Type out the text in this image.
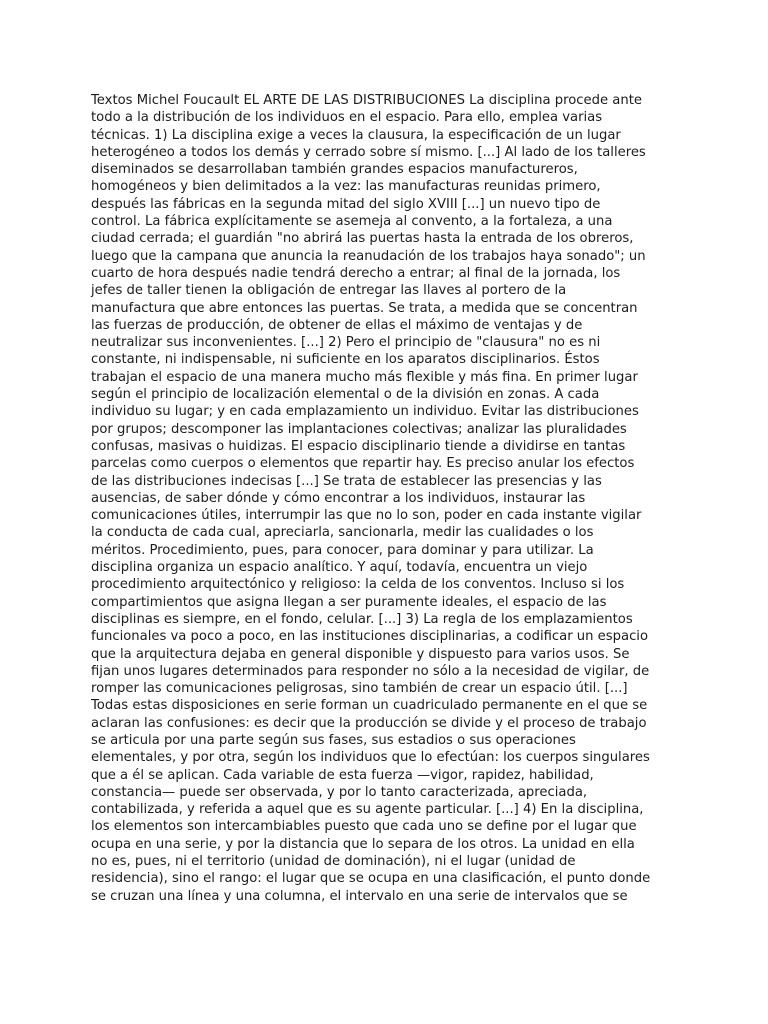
Textos Michel Foucault EL ARTE DE LAS DISTRIBUCIONES La disciplina procede ante
todo a la distribución de los individuos en el espacio. Para ello, emplea varias
técnicas. 1) La disciplina exige a veces la clausura, la especificación de un lugar
heterogéneo a todos los demás y cerrado sobre sí mismo. [...] Al lado de los talleres
diseminados se desarrollaban también grandes espacios manufactureros,
homogéneos y bien delimitados a la vez: las manufacturas reunidas primero,
después las fábricas en la segunda mitad del siglo XVIII [...] un nuevo tipo de
control. La fábrica explícitamente se asemeja al convento, a la fortaleza, a una
ciudad cerrada; el guardián "no abrirá las puertas hasta la entrada de los obreros,
luego que la campana que anuncia la reanudación de los trabajos haya sonado"; un
cuarto de hora después nadie tendrá derecho a entrar; al final de la jornada, los
jefes de taller tienen la obligación de entregar las llaves al portero de la
manufactura que abre entonces las puertas. Se trata, a medida que se concentran
las fuerzas de producción, de obtener de ellas el máximo de ventajas y de
neutralizar sus inconvenientes. [...] 2) Pero el principio de "clausura" no es ni
constante, ni indispensable, ni suficiente en los aparatos disciplinarios. Éstos
trabajan el espacio de una manera mucho más flexible y más fina. En primer lugar
según el principio de localización elemental o de la división en zonas. A cada
individuo su lugar; y en cada emplazamiento un individuo. Evitar las distribuciones
por grupos; descomponer las implantaciones colectivas; analizar las pluralidades
confusas, masivas o huidizas. El espacio disciplinario tiende a dividirse en tantas
parcelas como cuerpos o elementos que repartir hay. Es preciso anular los efectos
de las distribuciones indecisas [...] Se trata de establecer las presencias y las
ausencias, de saber dónde y cómo encontrar a los individuos, instaurar las
comunicaciones útiles, interrumpir las que no lo son, poder en cada instante vigilar
la conducta de cada cual, apreciarla, sancionarla, medir las cualidades o los
méritos. Procedimiento, pues, para conocer, para dominar y para utilizar. La
disciplina organiza un espacio analítico. Y aquí, todavía, encuentra un viejo
procedimiento arquitectónico y religioso: la celda de los conventos. Incluso si los
compartimientos que asigna llegan a ser puramente ideales, el espacio de las
disciplinas es siempre, en el fondo, celular. [...] 3) La regla de los emplazamientos
funcionales va poco a poco, en las instituciones disciplinarias, a codificar un espacio
que la arquitectura dejaba en general disponible y dispuesto para varios usos. Se
fijan unos lugares determinados para responder no sólo a la necesidad de vigilar, de
romper las comunicaciones peligrosas, sino también de crear un espacio útil. [...]
Todas estas disposiciones en serie forman un cuadriculado permanente en el que se
aclaran las confusiones: es decir que la producción se divide y el proceso de trabajo
se articula por una parte según sus fases, sus estadios o sus operaciones
elementales, y por otra, según los individuos que lo efectúan: los cuerpos singulares
que a él se aplican. Cada variable de esta fuerza —vigor, rapidez, habilidad,
constancia— puede ser observada, y por lo tanto caracterizada, apreciada,
contabilizada, y referida a aquel que es su agente particular. [...] 4) En la disciplina,
los elementos son intercambiables puesto que cada uno se define por el lugar que
ocupa en una serie, y por la distancia que lo separa de los otros. La unidad en ella
no es, pues, ni el territorio (unidad de dominación), ni el lugar (unidad de
residencia), sino el rango: el lugar que se ocupa en una clasificación, el punto donde
se cruzan una línea y una columna, el intervalo en una serie de intervalos que se
